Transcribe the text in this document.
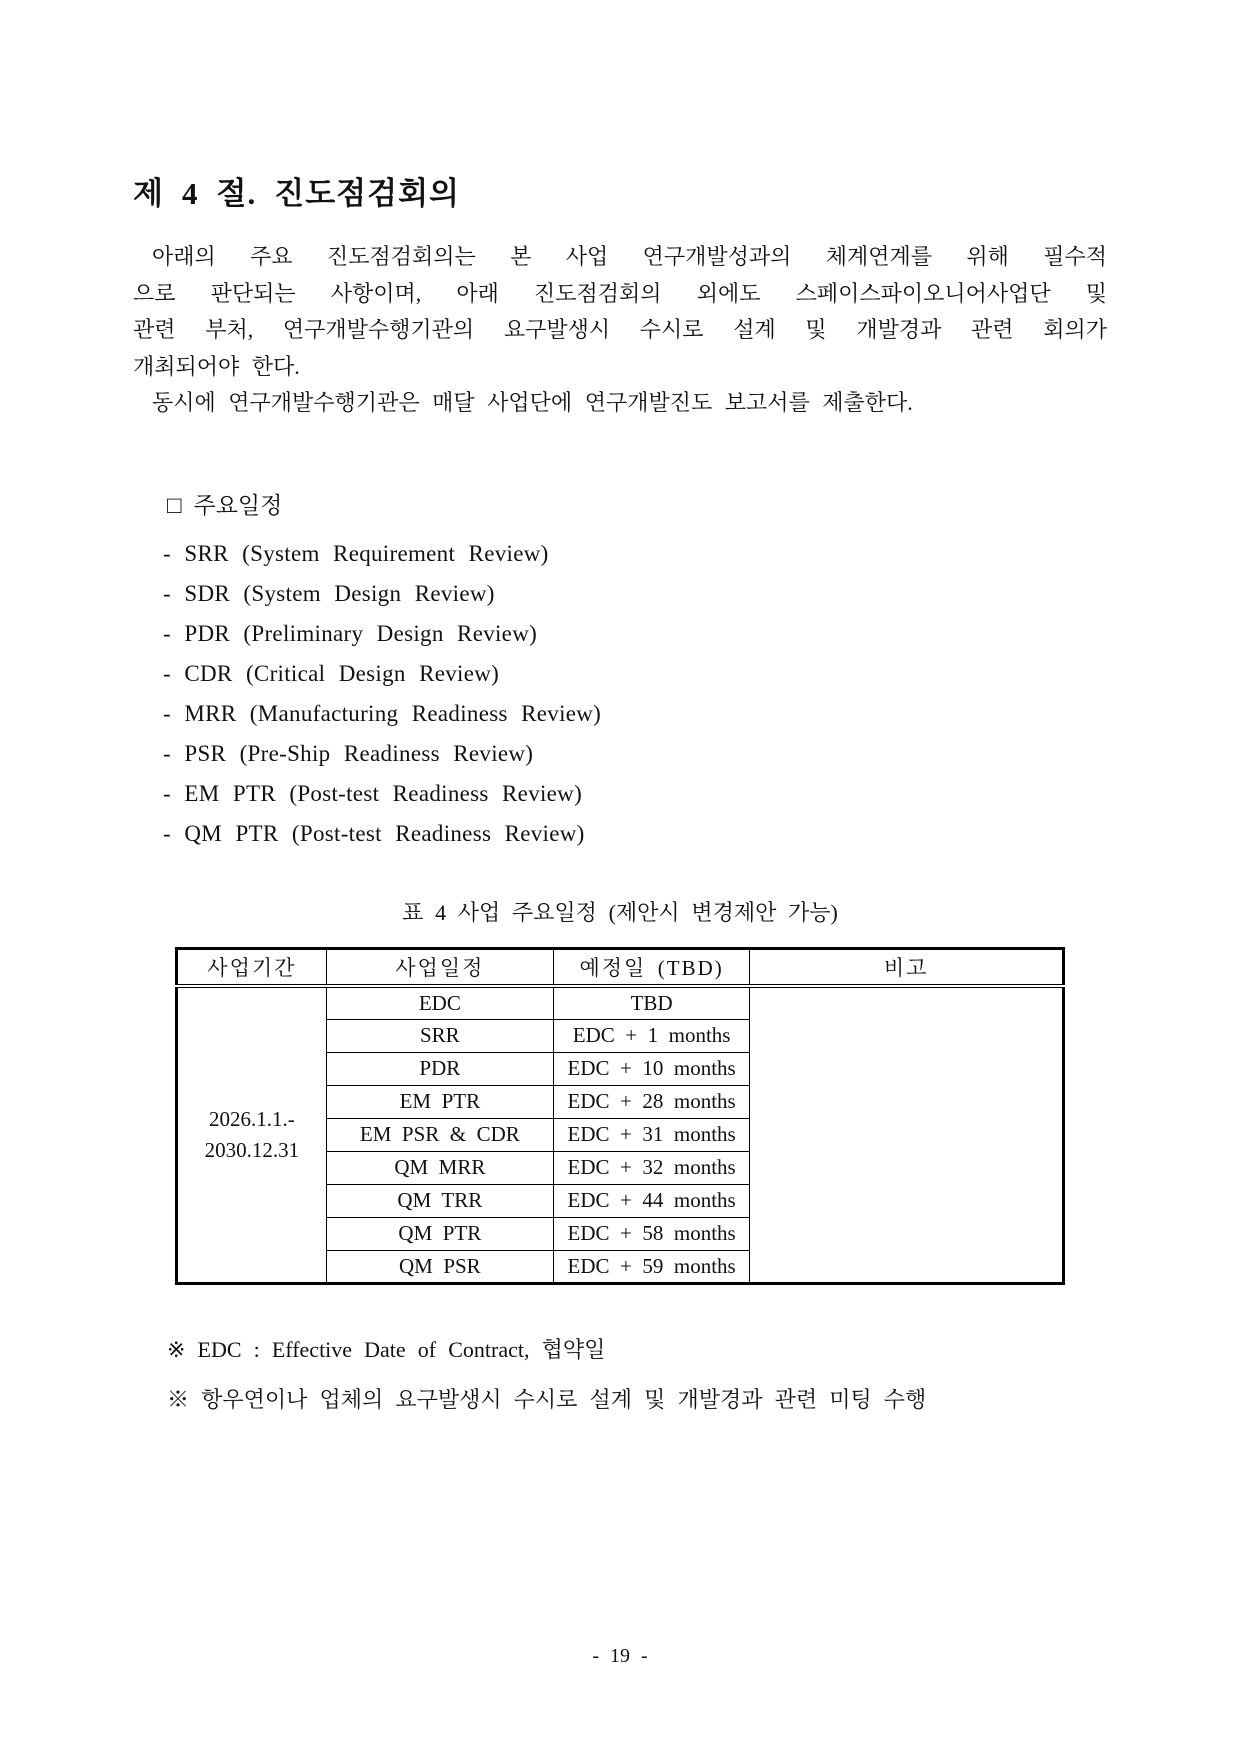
제 4 절. 진도점검회의
아래의 주요 진도점검회의는 본 사업 연구개발성과의 체계연계를 위해 필수적
으로 판단되는 사항이며, 아래 진도점검회의 외에도 스페이스파이오니어사업단 및
관련 부처, 연구개발수행기관의 요구발생시 수시로 설계 및 개발경과 관련 회의가
개최되어야 한다.
동시에 연구개발수행기관은 매달 사업단에 연구개발진도 보고서를 제출한다.
□ 주요일정
- SRR (System Requirement Review)
- SDR (System Design Review)
- PDR (Preliminary Design Review)
- CDR (Critical Design Review)
- MRR (Manufacturing Readiness Review)
- PSR (Pre-Ship Readiness Review)
- EM PTR (Post-test Readiness Review)
- QM PTR (Post-test Readiness Review)
표 4 사업 주요일정 (제안시 변경제안 가능)
사업기간	사업일정	예정일 (TBD)	비고

2026.1.1.-
2030.12.31	EDC	TBD	
	SRR	EDC + 1 months	
	PDR	EDC + 10 months	
	EM PTR	EDC + 28 months	
	EM PSR & CDR	EDC + 31 months	
	QM MRR	EDC + 32 months	
	QM TRR	EDC + 44 months	
	QM PTR	EDC + 58 months	
	QM PSR	EDC + 59 months	
※ EDC : Effective Date of Contract, 협약일
※ 항우연이나 업체의 요구발생시 수시로 설계 및 개발경과 관련 미팅 수행
- 19 -
